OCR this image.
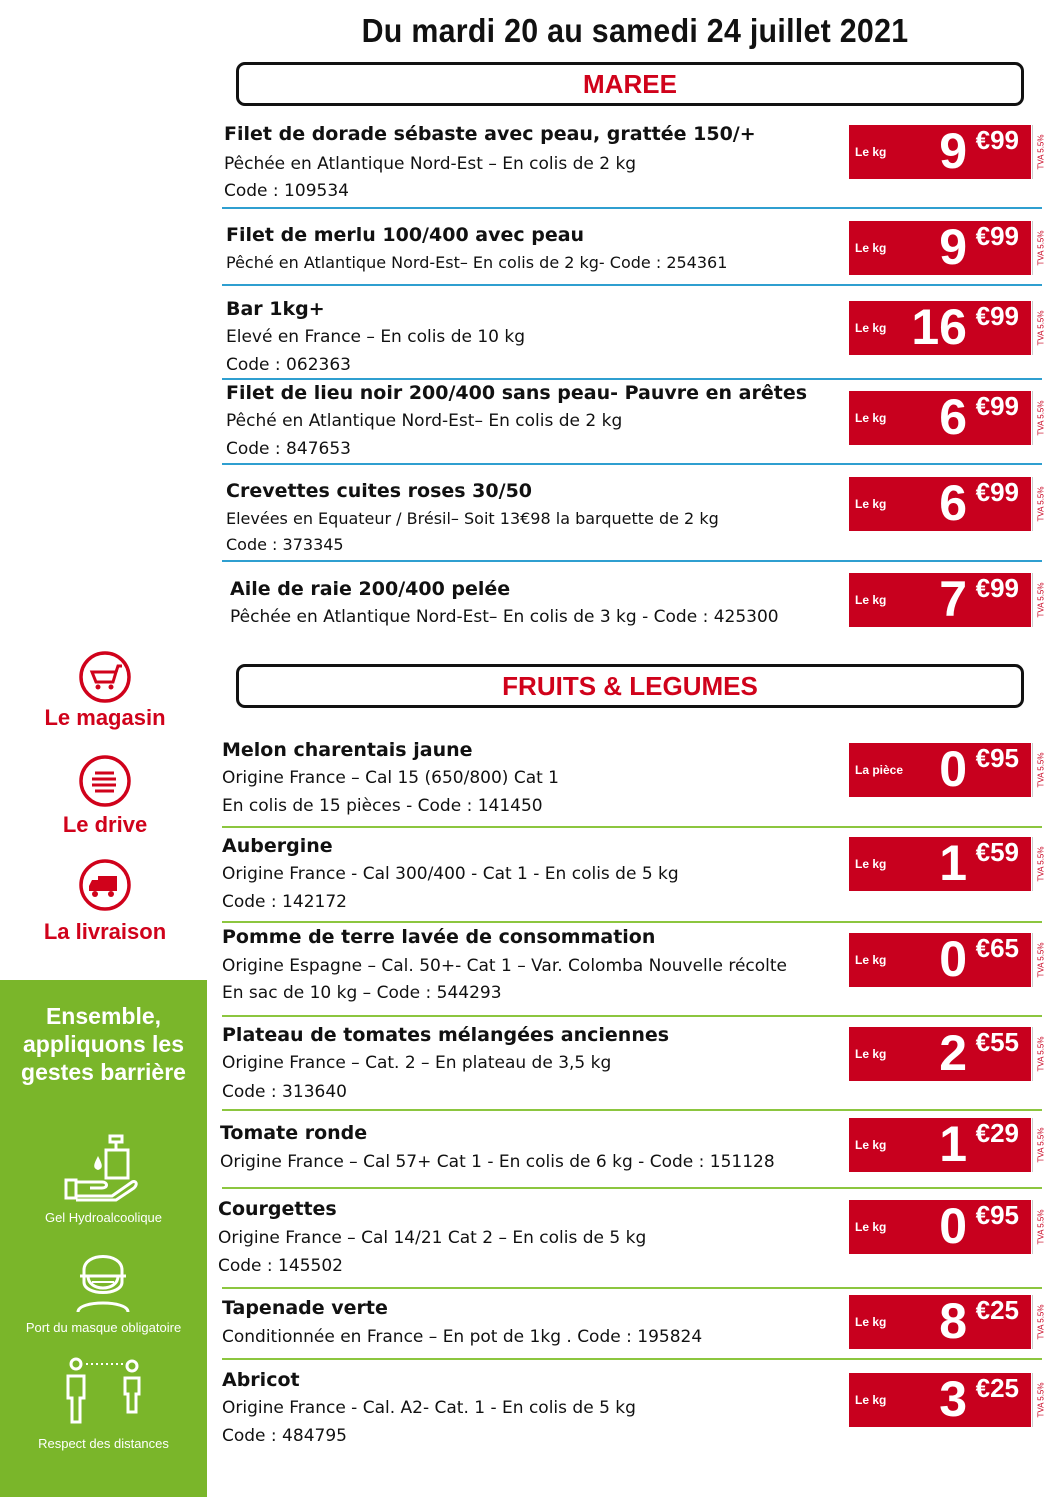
Du mardi 20 au samedi 24 juillet 2021
MAREE
Filet de dorade sébaste avec peau, grattée 150/+
Pêchée en Atlantique Nord-Est – En colis de 2 kg
Code : 109534
Le kg 9 €99 TVA 5.5%
Filet de merlu 100/400 avec peau
Pêché en Atlantique Nord-Est– En colis de 2 kg- Code : 254361
Le kg 9 €99 TVA 5.5%
Bar 1kg+
Elevé en France – En colis de 10 kg
Code : 062363
Le kg 16 €99 TVA 5.5%
Filet de lieu noir 200/400 sans peau- Pauvre en arêtes
Pêché en Atlantique Nord-Est– En colis de 2 kg
Code : 847653
Le kg 6 €99 TVA 5.5%
Crevettes cuites roses 30/50
Elevées en Equateur / Brésil– Soit 13€98 la barquette de 2 kg
Code : 373345
Le kg 6 €99 TVA 5.5%
Aile de raie 200/400 pelée
Pêchée en Atlantique Nord-Est– En colis de 3 kg - Code : 425300
Le kg 7 €99 TVA 5.5%
FRUITS & LEGUMES
Melon charentais jaune
Origine France – Cal 15 (650/800) Cat 1
En colis de 15 pièces - Code : 141450
La pièce 0 €95 TVA 5.5%
Aubergine
Origine France - Cal 300/400 - Cat 1 - En colis de 5 kg
Code : 142172
Le kg 1 €59 TVA 5.5%
Pomme de terre lavée de consommation
Origine Espagne – Cal. 50+- Cat 1 – Var. Colomba Nouvelle récolte
En sac de 10 kg – Code : 544293
Le kg 0 €65 TVA 5.5%
Plateau de tomates mélangées anciennes
Origine France – Cat. 2 – En plateau de 3,5 kg
Code : 313640
Le kg 2 €55 TVA 5.5%
Tomate ronde
Origine France – Cal 57+ Cat 1 - En colis de 6 kg - Code : 151128
Le kg 1 €29 TVA 5.5%
Courgettes
Origine France – Cal 14/21 Cat 2 – En colis de 5 kg
Code : 145502
Le kg 0 €95 TVA 5.5%
Tapenade verte
Conditionnée en France – En pot de 1kg . Code : 195824
Le kg 8 €25 TVA 5.5%
Abricot
Origine France - Cal. A2- Cat. 1 - En colis de 5 kg
Code : 484795
Le kg 3 €25 TVA 5.5%
Le magasin
Le drive
La livraison
Ensemble, appliquons les gestes barrière
Gel Hydroalcoolique
Port du masque obligatoire
Respect des distances
